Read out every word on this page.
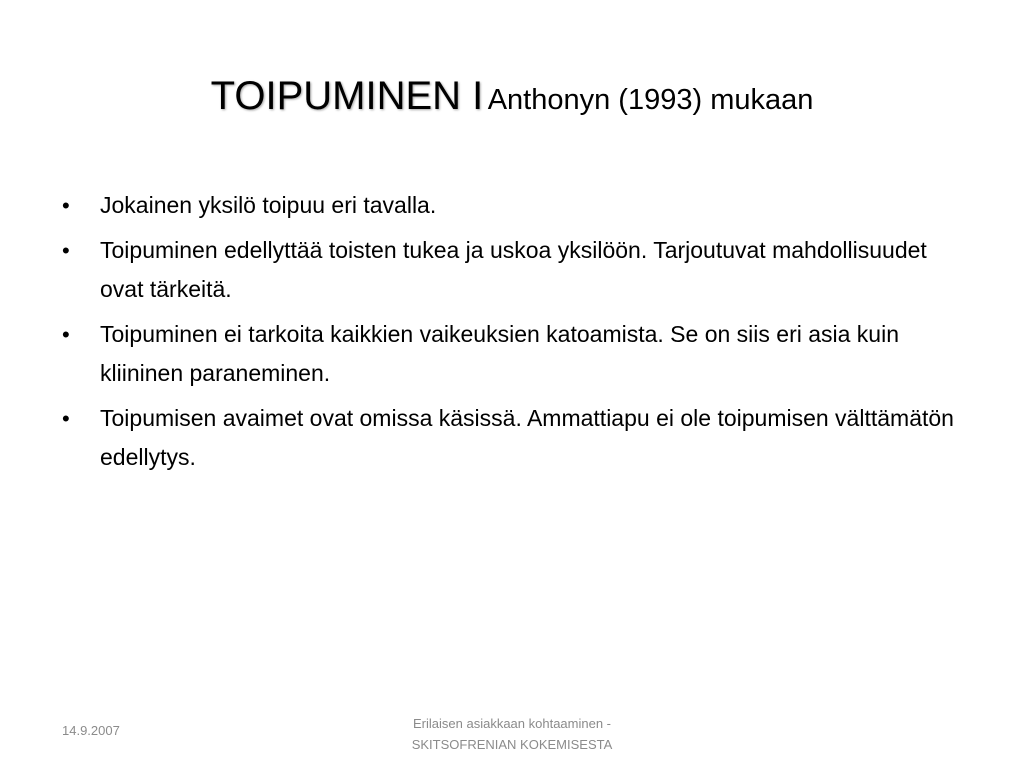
TOIPUMINEN I Anthonyn (1993) mukaan
•	Jokainen yksilö toipuu eri tavalla.
•	Toipuminen edellyttää toisten tukea ja uskoa yksilöön. Tarjoutuvat mahdollisuudet ovat tärkeitä.
•	Toipuminen ei tarkoita kaikkien vaikeuksien katoamista. Se on siis eri asia kuin kliininen paraneminen.
•	Toipumisen avaimet ovat omissa käsissä. Ammattiapu ei ole toipumisen välttämätön edellytys.
14.9.2007	Erilaisen asiakkaan kohtaaminen -
SKITSOFRENIAN KOKEMISESTA
